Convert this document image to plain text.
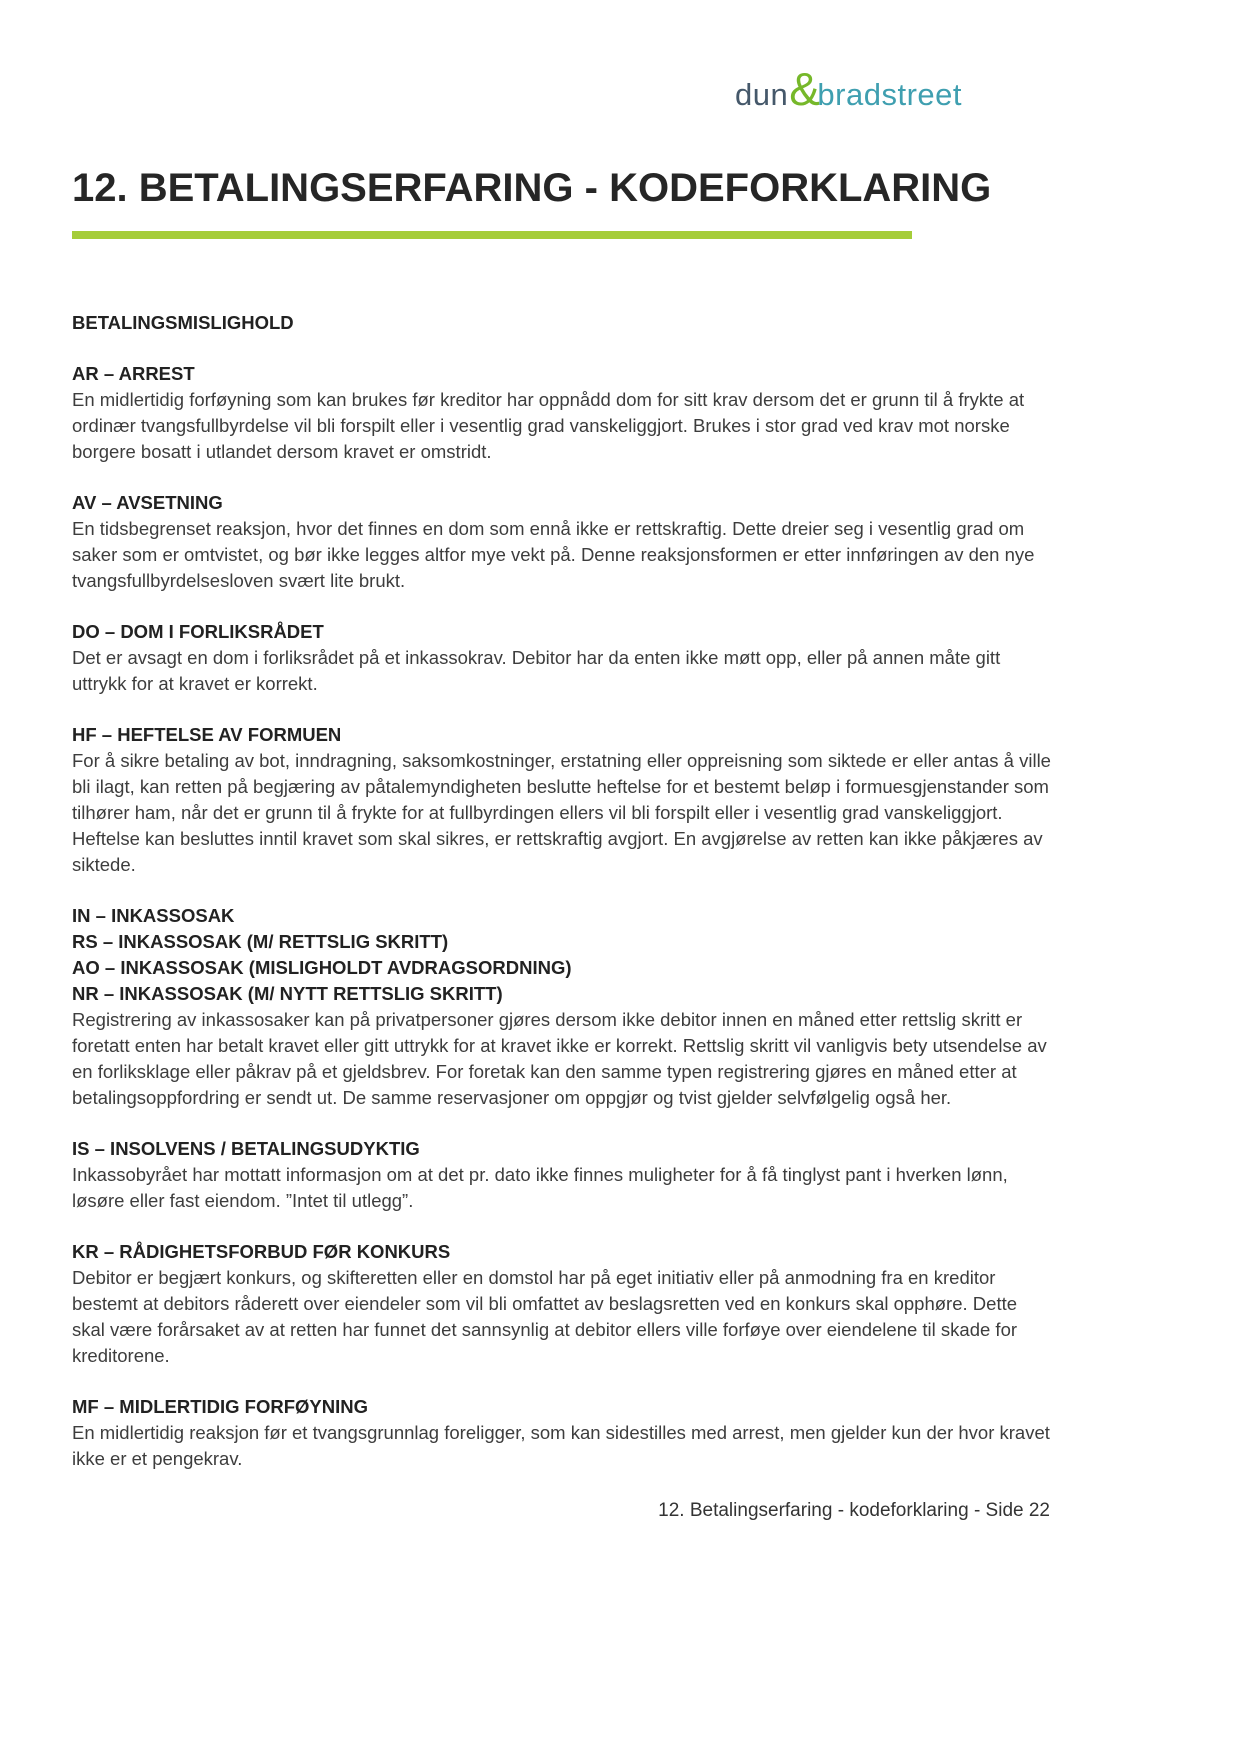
dun &
bradstreet
12. BETALINGSERFARING - KODEFORKLARING
BETALINGSMISLIGHOLD
AR – ARREST

En midlertidig forføyning som kan brukes før kreditor har oppnådd dom for sitt krav dersom det er grunn til å frykte at ordinær tvangsfullbyrdelse vil bli forspilt eller i vesentlig grad vanskeliggjort. Brukes i stor grad ved krav mot norske borgere bosatt i utlandet dersom kravet er omstridt.

AV – AVSETNING

En tidsbegrenset reaksjon, hvor det finnes en dom som ennå ikke er rettskraftig. Dette dreier seg i vesentlig grad om saker som er omtvistet, og bør ikke legges altfor mye vekt på. Denne reaksjonsformen er etter innføringen av den nye tvangsfullbyrdelsesloven svært lite brukt.

DO – DOM I FORLIKSRÅDET

Det er avsagt en dom i forliksrådet på et inkassokrav. Debitor har da enten ikke møtt opp, eller på annen måte gitt uttrykk for at kravet er korrekt.

HF – HEFTELSE AV FORMUEN

For å sikre betaling av bot, inndragning, saksomkostninger, erstatning eller oppreisning som siktede er eller antas å ville bli ilagt, kan retten på begjæring av påtalemyndigheten beslutte heftelse for et bestemt beløp i formuesgjenstander som tilhører ham, når det er grunn til å frykte for at fullbyrdingen ellers vil bli forspilt eller i vesentlig grad vanskeliggjort. Heftelse kan besluttes inntil kravet som skal sikres, er rettskraftig avgjort. En avgjørelse av retten kan ikke påkjæres av siktede.

IN – INKASSOSAK
RS – INKASSOSAK (M/ RETTSLIG SKRITT)
AO – INKASSOSAK (MISLIGHOLDT AVDRAGSORDNING)
NR – INKASSOSAK (M/ NYTT RETTSLIG SKRITT)

Registrering av inkassosaker kan på privatpersoner gjøres dersom ikke debitor innen en måned etter rettslig skritt er foretatt enten har betalt kravet eller gitt uttrykk for at kravet ikke er korrekt. Rettslig skritt vil vanligvis bety utsendelse av en forliksklage eller påkrav på et gjeldsbrev. For foretak kan den samme typen registrering gjøres en måned etter at betalingsoppfordring er sendt ut. De samme reservasjoner om oppgjør og tvist gjelder selvfølgelig også her.

IS – INSOLVENS / BETALINGSUDYKTIG

Inkassobyrået har mottatt informasjon om at det pr. dato ikke finnes muligheter for å få tinglyst pant i hverken lønn, løsøre eller fast eiendom. ”Intet til utlegg”.

KR – RÅDIGHETSFORBUD FØR KONKURS

Debitor er begjært konkurs, og skifteretten eller en domstol har på eget initiativ eller på anmodning fra en kreditor bestemt at debitors råderett over eiendeler som vil bli omfattet av beslagsretten ved en konkurs skal opphøre. Dette skal være forårsaket av at retten har funnet det sannsynlig at debitor ellers ville forføye over eiendelene til skade for kreditorene.

MF – MIDLERTIDIG FORFØYNING

En midlertidig reaksjon før et tvangsgrunnlag foreligger, som kan sidestilles med arrest, men gjelder kun der hvor kravet ikke er et pengekrav.

12. Betalingserfaring - kodeforklaring - Side 22
